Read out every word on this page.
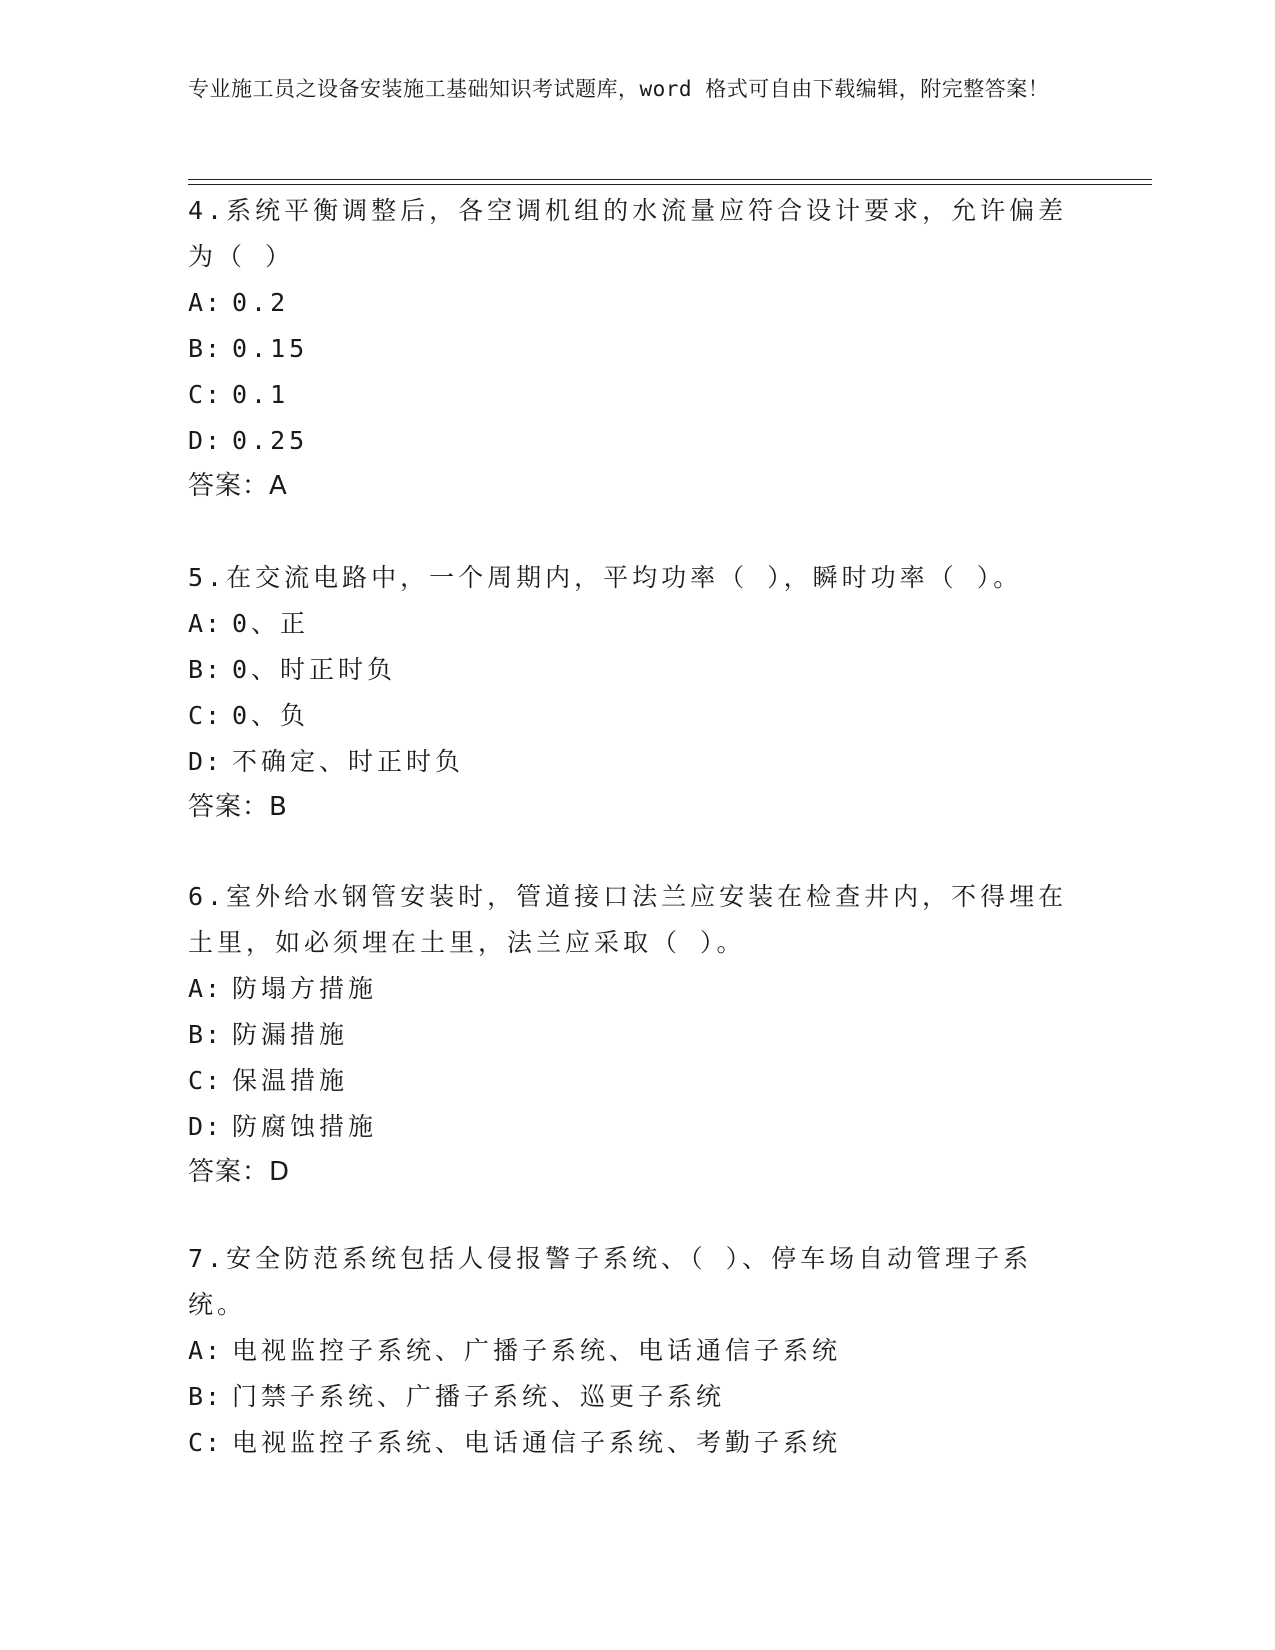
专业施工员之设备安装施工基础知识考试题库，word 格式可自由下载编辑，附完整答案！

4.系统平衡调整后，各空调机组的水流量应符合设计要求，允许偏差为（ ）

A: 0.2

B: 0.15

C: 0.1

D: 0.25

答案：A

5.在交流电路中，一个周期内，平均功率（ ），瞬时功率（ ）。

A: 0、正

B: 0、时正时负

C: 0、负

D: 不确定、时正时负

答案：B

6.室外给水钢管安装时，管道接口法兰应安装在检查井内，不得埋在土里，如必须埋在土里，法兰应采取（ ）。

A: 防塌方措施

B: 防漏措施

C: 保温措施

D: 防腐蚀措施

答案：D

7.安全防范系统包括人侵报警子系统、（ ）、停车场自动管理子系统。

A: 电视监控子系统、广播子系统、电话通信子系统

B: 门禁子系统、广播子系统、巡更子系统

C: 电视监控子系统、电话通信子系统、考勤子系统
